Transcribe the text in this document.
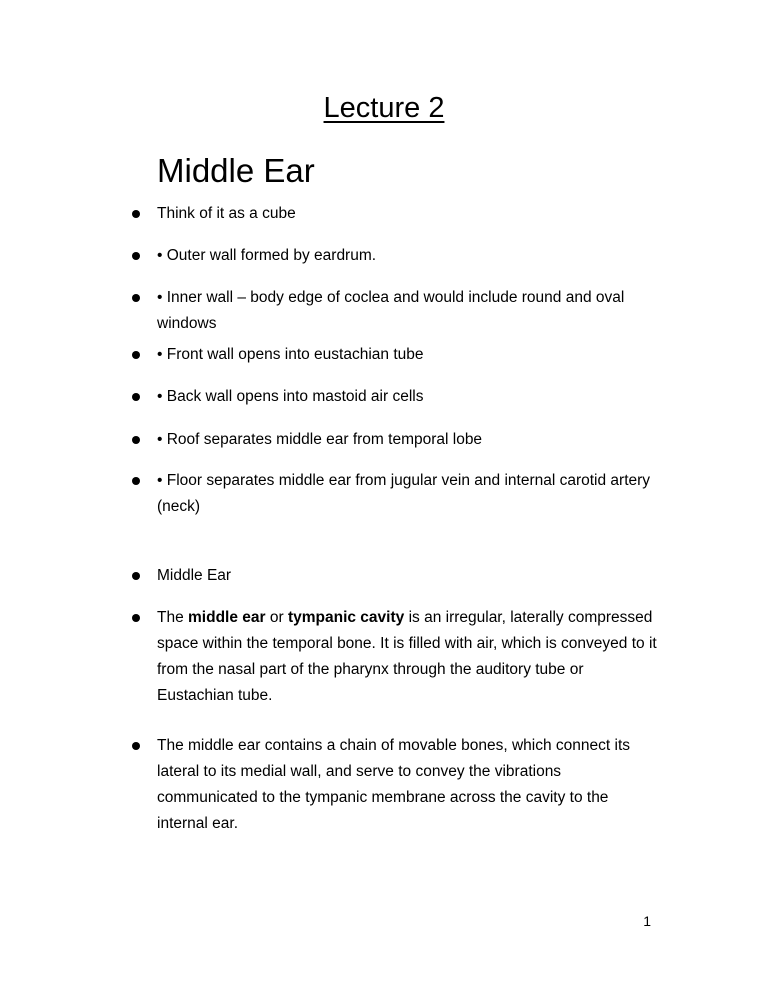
Lecture 2
Middle Ear
Think of it as a cube
• Outer wall formed by eardrum.
• Inner wall – body edge of coclea and would include round and oval windows
• Front wall opens into eustachian tube
• Back wall opens into mastoid air cells
• Roof separates middle ear from temporal lobe
• Floor separates middle ear from jugular vein and internal carotid artery (neck)
Middle Ear
The middle ear or tympanic cavity is an irregular, laterally compressed space within the temporal bone. It is filled with air, which is conveyed to it from the nasal part of the pharynx through the auditory tube or Eustachian tube.
The middle ear contains a chain of movable bones, which connect its lateral to its medial wall, and serve to convey the vibrations communicated to the tympanic membrane across the cavity to the internal ear.
1
